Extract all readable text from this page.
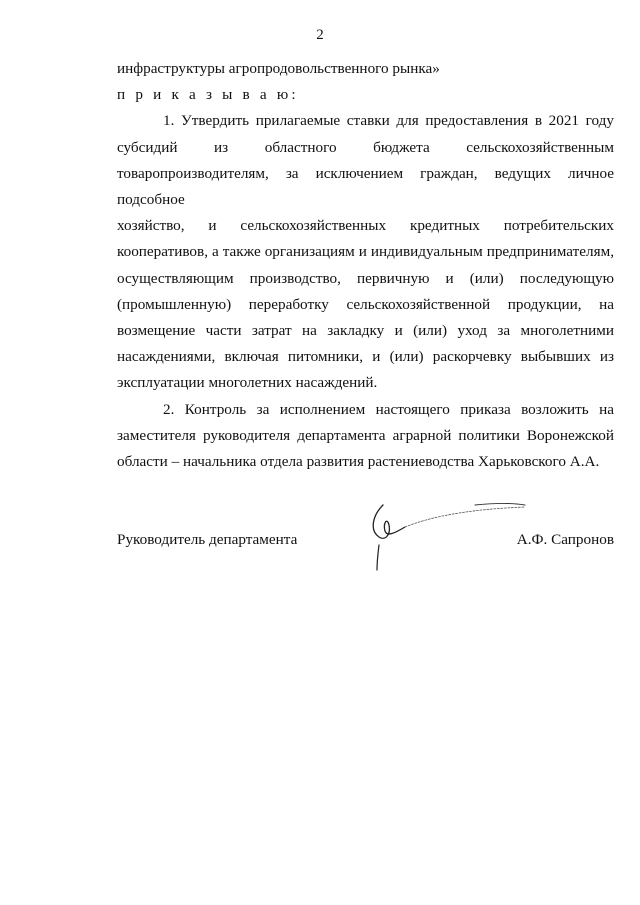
2

инфраструктуры агропродовольственного рынка»

п р и к а з ы в а ю:

1. Утвердить прилагаемые ставки для предоставления в 2021 году

субсидий из областного бюджета сельскохозяйственным

товаропроизводителям, за исключением граждан, ведущих личное подсобное

хозяйство, и сельскохозяйственных кредитных потребительских

кооперативов, а также организациям и индивидуальным предпринимателям,

осуществляющим производство, первичную и (или) последующую

(промышленную) переработку сельскохозяйственной продукции, на

возмещение части затрат на закладку и (или) уход за многолетними

насаждениями, включая питомники, и (или) раскорчевку выбывших из

эксплуатации многолетних насаждений.

2. Контроль за исполнением настоящего приказа возложить на

заместителя руководителя департамента аграрной политики Воронежской

области – начальника отдела развития растениеводства Харьковского А.А.

Руководитель департамента	А.Ф. Сапронов
